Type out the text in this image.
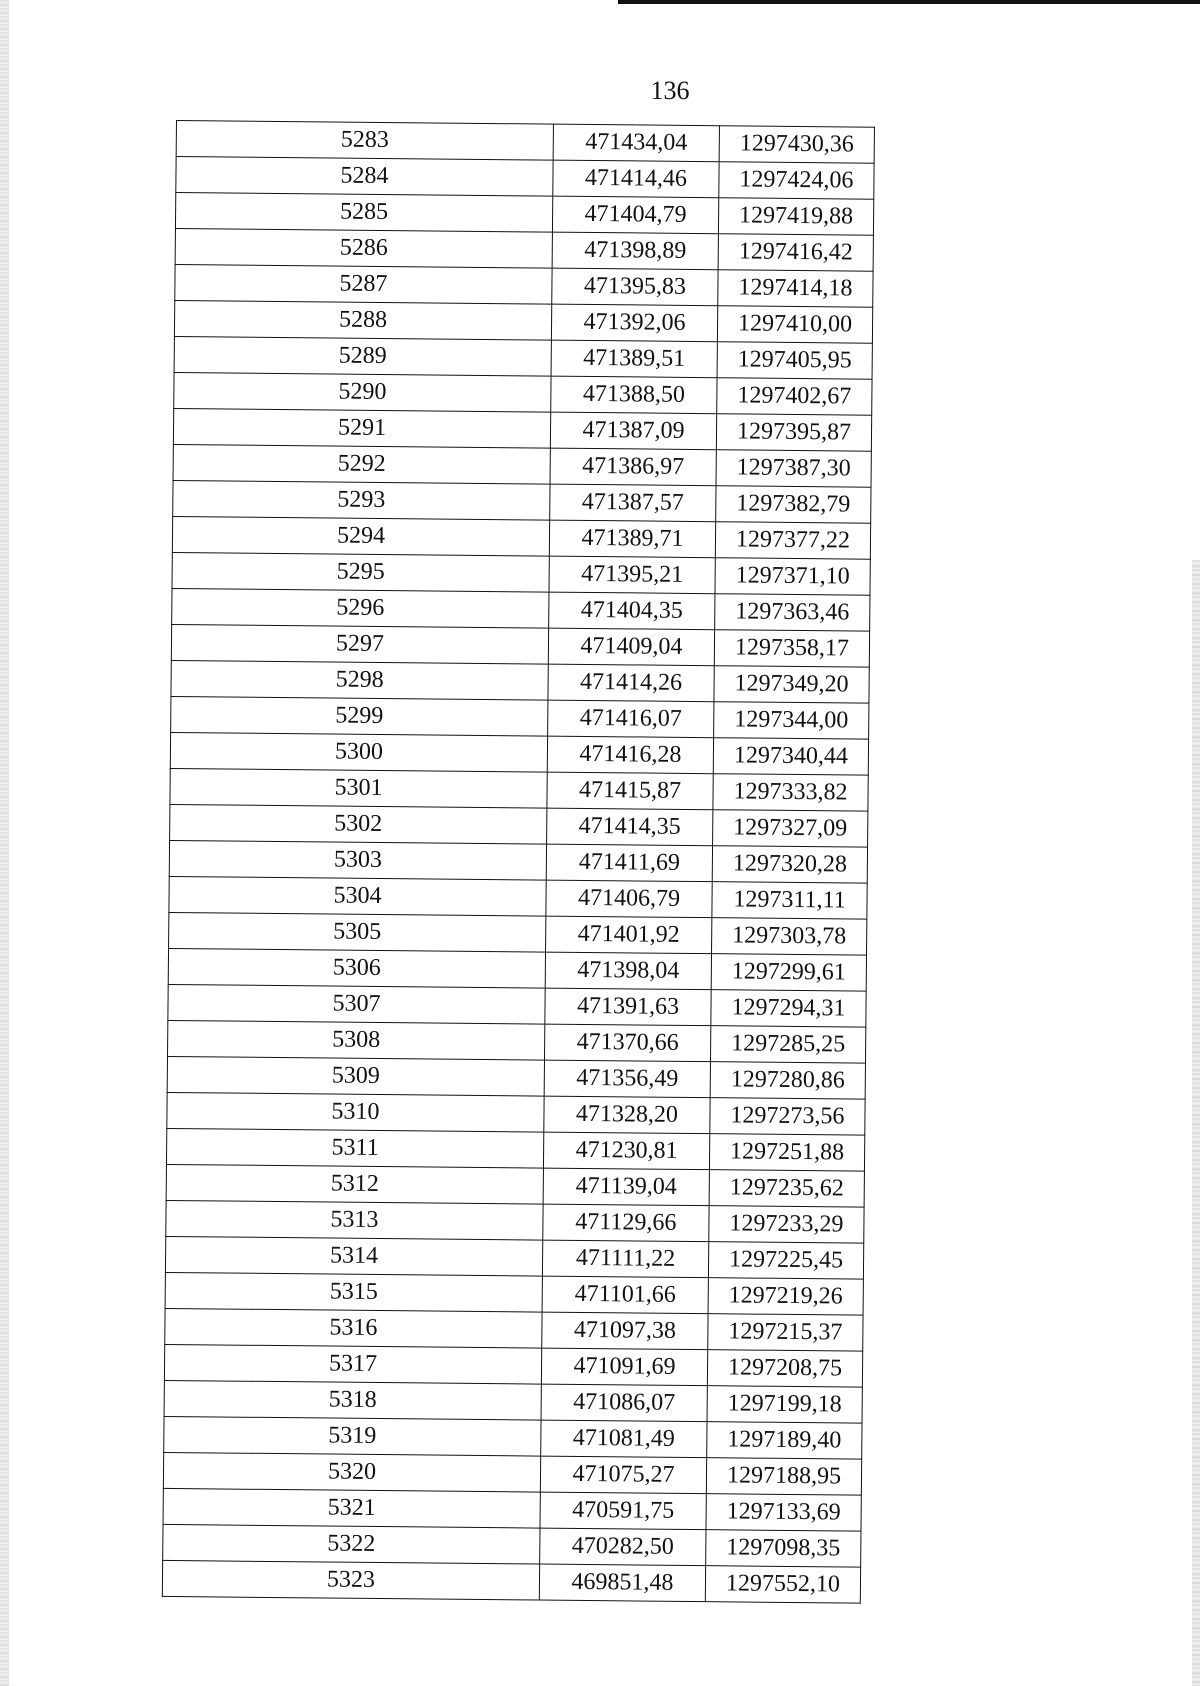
136
5283	471434,04	1297430,36
5284	471414,46	1297424,06
5285	471404,79	1297419,88
5286	471398,89	1297416,42
5287	471395,83	1297414,18
5288	471392,06	1297410,00
5289	471389,51	1297405,95
5290	471388,50	1297402,67
5291	471387,09	1297395,87
5292	471386,97	1297387,30
5293	471387,57	1297382,79
5294	471389,71	1297377,22
5295	471395,21	1297371,10
5296	471404,35	1297363,46
5297	471409,04	1297358,17
5298	471414,26	1297349,20
5299	471416,07	1297344,00
5300	471416,28	1297340,44
5301	471415,87	1297333,82
5302	471414,35	1297327,09
5303	471411,69	1297320,28
5304	471406,79	1297311,11
5305	471401,92	1297303,78
5306	471398,04	1297299,61
5307	471391,63	1297294,31
5308	471370,66	1297285,25
5309	471356,49	1297280,86
5310	471328,20	1297273,56
5311	471230,81	1297251,88
5312	471139,04	1297235,62
5313	471129,66	1297233,29
5314	471111,22	1297225,45
5315	471101,66	1297219,26
5316	471097,38	1297215,37
5317	471091,69	1297208,75
5318	471086,07	1297199,18
5319	471081,49	1297189,40
5320	471075,27	1297188,95
5321	470591,75	1297133,69
5322	470282,50	1297098,35
5323	469851,48	1297552,10
